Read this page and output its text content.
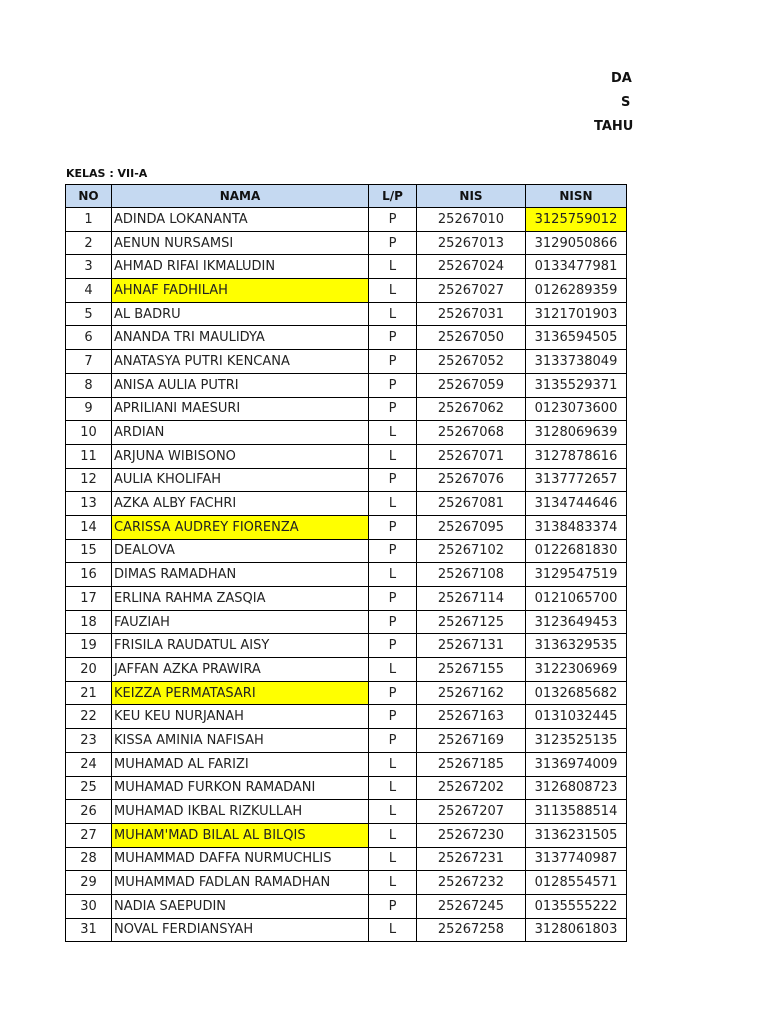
DA
S
TAHU
KELAS : VII-A
NO	NAMA	L/P	NIS	NISN
1	ADINDA LOKANANTA	P	25267010	3125759012
2	AENUN NURSAMSI	P	25267013	3129050866
3	AHMAD RIFAI IKMALUDIN	L	25267024	0133477981
4	AHNAF FADHILAH	L	25267027	0126289359
5	AL BADRU	L	25267031	3121701903
6	ANANDA TRI MAULIDYA	P	25267050	3136594505
7	ANATASYA PUTRI KENCANA	P	25267052	3133738049
8	ANISA AULIA PUTRI	P	25267059	3135529371
9	APRILIANI MAESURI	P	25267062	0123073600
10	ARDIAN	L	25267068	3128069639
11	ARJUNA WIBISONO	L	25267071	3127878616
12	AULIA KHOLIFAH	P	25267076	3137772657
13	AZKA ALBY FACHRI	L	25267081	3134744646
14	CARISSA AUDREY FIORENZA	P	25267095	3138483374
15	DEALOVA	P	25267102	0122681830
16	DIMAS RAMADHAN	L	25267108	3129547519
17	ERLINA RAHMA ZASQIA	P	25267114	0121065700
18	FAUZIAH	P	25267125	3123649453
19	FRISILA RAUDATUL AISY	P	25267131	3136329535
20	JAFFAN AZKA PRAWIRA	L	25267155	3122306969
21	KEIZZA PERMATASARI	P	25267162	0132685682
22	KEU KEU NURJANAH	P	25267163	0131032445
23	KISSA AMINIA NAFISAH	P	25267169	3123525135
24	MUHAMAD AL FARIZI	L	25267185	3136974009
25	MUHAMAD FURKON RAMADANI	L	25267202	3126808723
26	MUHAMAD IKBAL RIZKULLAH	L	25267207	3113588514
27	MUHAM'MAD BILAL AL BILQIS	L	25267230	3136231505
28	MUHAMMAD DAFFA NURMUCHLIS	L	25267231	3137740987
29	MUHAMMAD FADLAN RAMADHAN	L	25267232	0128554571
30	NADIA SAEPUDIN	P	25267245	0135555222
31	NOVAL FERDIANSYAH	L	25267258	3128061803
